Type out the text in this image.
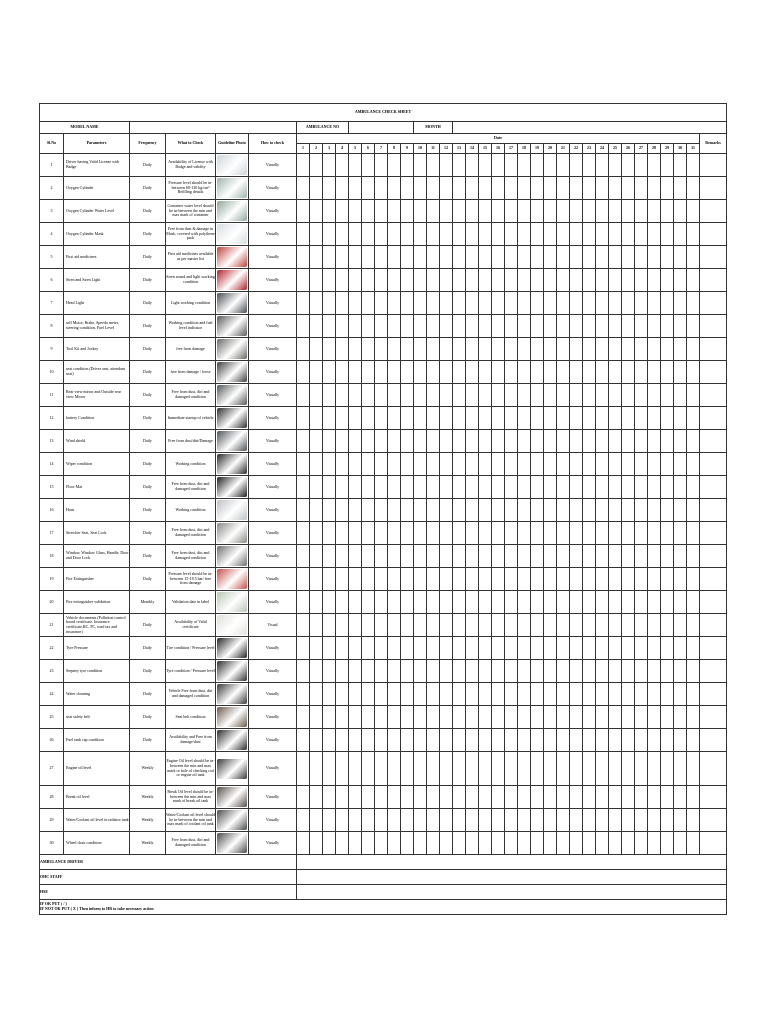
AMBULANCE CHECK SHEET																																					
MODEL NAME						AMBULANCE NO									MONTH																						
Sl.No	Parameters	Frequency	What to Check	Guideline Photo	How to check	Date																															Remarks
						1	2	3	4	5	6	7	8	9	10	11	12	13	14	15	16	17	18	19	20	21	22	23	24	25	26	27	28	29	30	31	
1	Driver having Valid License with Badge	Daily	Availability of License with Badge and validity		Visually																																
2	Oxygen Cylinder	Daily	Pressure level should be in- between 60-130 kg/cm² Refilling details		Visually																																
3	Oxygen Cylinder Water Level	Daily	Container water level should be in-between the min and max mark of container		Visually																																
4	Oxygen Cylinder Mask	Daily	Free from dust & damage in Mask, covered with polythene pack		Visually																																
5	First aid medicines	Daily	First aid medicines available as per master list		Visually																																
6	Siren and Siren Light	Daily	Siren sound and light working condition		Visually																																
7	Head Light	Daily	Light working condition		Visually																																
8	self Motor, Brake, Speedo meter, steering condition, Fuel Level	Daily	Working condition and fuel level indicator		Visually																																
9	Tool Kit and Jockey	Daily	free from damage		Visually																																
10	seat condition (Driver seat, attendant seat)	Daily	free from damage / loose		Visually																																
11	Rear view mirror and Outside rear view Mirror	Daily	Free from dust, dirt and damaged condition		Visually																																
12	battery Condition	Daily	Immediate startup of vehicle		Visually																																
13	Wind shield	Daily	Free from dust/dirt/Damage		Visually																																
14	Wiper condition	Daily	Working condition		Visually																																
15	Floor Mat	Daily	Free from dust, dirt and damaged condition		Visually																																
16	Horn	Daily	Working condition		Visually																																
17	Stretcher Seat, Seat Lock	Daily	Free from dust, dirt and damaged condition		Visually																																
18	Window, Window Glass, Handle, Door and Door Lock	Daily	Free from dust, dirt and damaged condition		Visually																																
19	Fire Extinguisher	Daily	Pressure level should be in-between 15-18.5 bar/ free from damage		Visually																																
20	Fire extinguisher validation	Monthly	Validation date in label		Visually																																
21	Vehicle documents (Pollution control board certificate, Insurance certificate,RC, FC, road tax and insurance)	Daily	Availability of Valid certificate		Visual																																
22	Tyre Pressure	Daily	Tire condition / Pressure level		Visually																																
23	Stepney tyre condition	Daily	Tyre condition / Pressure level		Visually																																
24	Water cleaning	Daily	Vehicle Free from dust, dirt and damaged condition		Visually																																
25	seat safety belt	Daily	Seat belt condition		Visually																																
26	Fuel tank cap condition	Daily	Availability and Free from damage/dust		Visually																																
27	Engine oil level	Weekly	Engine Oil level should be in-between the min and max mark or hole of checking rod or engine oil tank		Visually																																
28	Break oil level	Weekly	Break Oil level should be in- between the min and max mark of break oil tank		Visually																																
29	Water/Coolant oil level in radiator tank	Weekly	Water/Coolant oil level should be in-between the min and max mark of coolant oil tank		Visually																																
30	Wheel chair condition	Weekly	Free from dust, dirt and damaged condition		Visually																																
AMBULANCE DRIVER																																					
OHC STAFF																																					
HSE																																					

IF OK PUT ( / )
IF NOT OK PUT ( X ) Then inform to HR to take necessary action																																					
